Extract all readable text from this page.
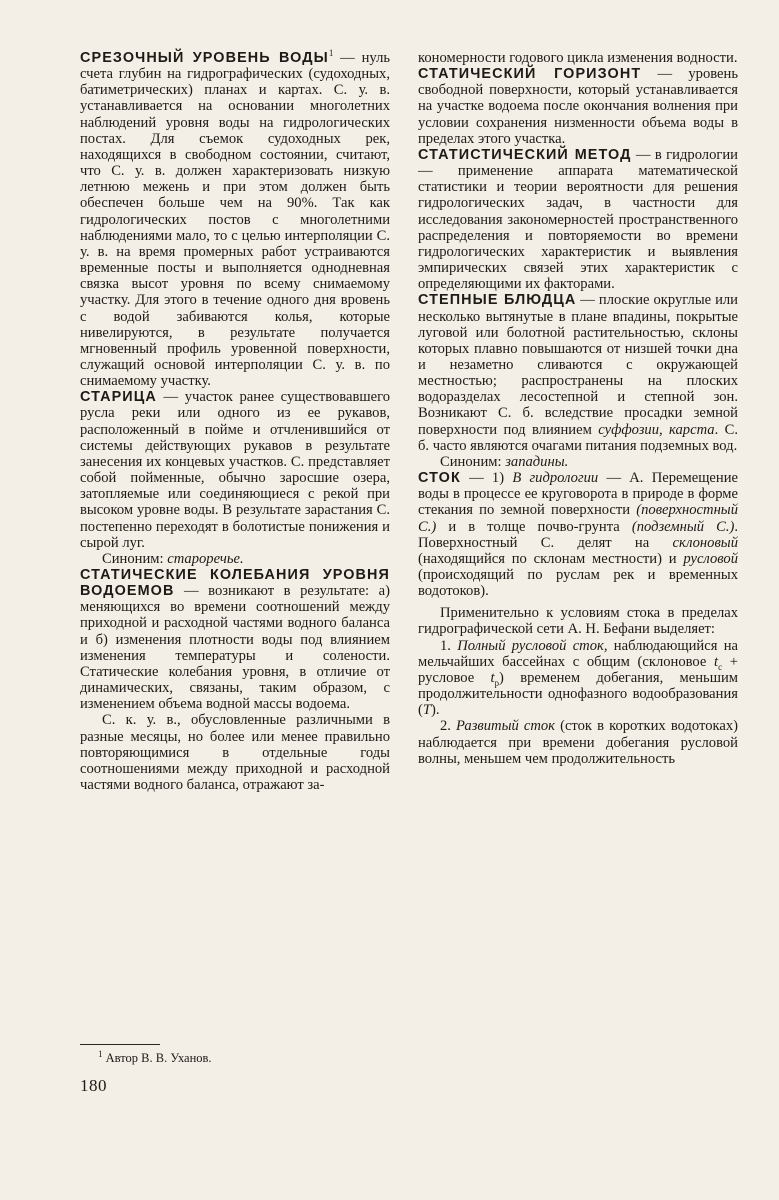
СРЕЗОЧНЫЙ УРОВЕНЬ ВОДЫ$^1$ — нуль счета глубин на гидрографических (судоходных, батиметрических) планах и картах. С. у. в. устанавливается на основании многолетних наблюдений уровня воды на гидрологических постах. Для съемок судоходных рек, находящихся в свободном состоянии, считают, что С. у. в. должен характеризовать низкую летнюю межень и при этом должен быть обеспечен больше чем на 90%. Так как гидрологических постов с многолетними наблюдениями мало, то с целью интерполяции С. у. в. на время промерных работ устраиваются временные посты и выполняется однодневная связка высот уровня по всему снимаемому участку. Для этого в течение одного дня вровень с водой забиваются колья, которые нивелируются, в результате получается мгновенный профиль уровенной поверхности, служащий основой интерполяции С. у. в. по снимаемому участку.

СТАРИЦА — участок ранее существовавшего русла реки или одного из ее рукавов, расположенный в пойме и отчленившийся от системы действующих рукавов в результате занесения их концевых участков. С. представляет собой пойменные, обычно заросшие озера, затопляемые или соединяющиеся с рекой при высоком уровне воды. В результате зарастания С. постепенно переходят в болотистые понижения и сырой луг.

Синоним: староречье.

СТАТИЧЕСКИЕ КОЛЕБАНИЯ УРОВНЯ ВОДОЕМОВ — возникают в результате: а) меняющихся во времени соотношений между приходной и расходной частями водного баланса и б) изменения плотности воды под влиянием изменения температуры и солености. Статические колебания уровня, в отличие от динамических, связаны, таким образом, с изменением объема водной массы водоема.

С. к. у. в., обусловленные различными в разные месяцы, но более или менее правильно повторяющимися в отдельные годы соотношениями между приходной и расходной частями водного баланса, отражают за-

кономерности годового цикла изменения водности.

СТАТИЧЕСКИЙ ГОРИЗОНТ — уровень свободной поверхности, который устанавливается на участке водоема после окончания волнения при условии сохранения низменности объема воды в пределах этого участка.

СТАТИСТИЧЕСКИЙ МЕТОД — в гидрологии — применение аппарата математической статистики и теории вероятности для решения гидрологических задач, в частности для исследования закономерностей пространственного распределения и повторяемости во времени гидрологических характеристик и выявления эмпирических связей этих характеристик с определяющими их факторами.

СТЕПНЫЕ БЛЮДЦА — плоские округлые или несколько вытянутые в плане впадины, покрытые луговой или болотной растительностью, склоны которых плавно повышаются от низшей точки дна и незаметно сливаются с окружающей местностью; распространены на плоских водоразделах лесостепной и степной зон. Возникают С. б. вследствие просадки земной поверхности под влиянием суффозии, карста. С. б. часто являются очагами питания подземных вод.

Синоним: западины.

СТОК — 1) В гидрологии — А. Перемещение воды в процессе ее круговорота в природе в форме стекания по земной поверхности (поверхностный С.) и в толще почво-грунта (подземный С.). Поверхностный С. делят на склоновый (находящийся по склонам местности) и русловой (происходящий по руслам рек и временных водотоков).

Применительно к условиям стока в пределах гидрографической сети А. Н. Бефани выделяет:

1. Полный русловой сток, наблюдающийся на мельчайших бассейнах с общим (склоновое $t_с$ + русловое $t_р$) временем добегания, меньшим продолжительности однофазного водообразования (T).

2. Развитый сток (сток в коротких водотоках) наблюдается при времени добегания русловой волны, меньшем чем продолжительность

$^1$ Автор В. В. Уханов.
180
